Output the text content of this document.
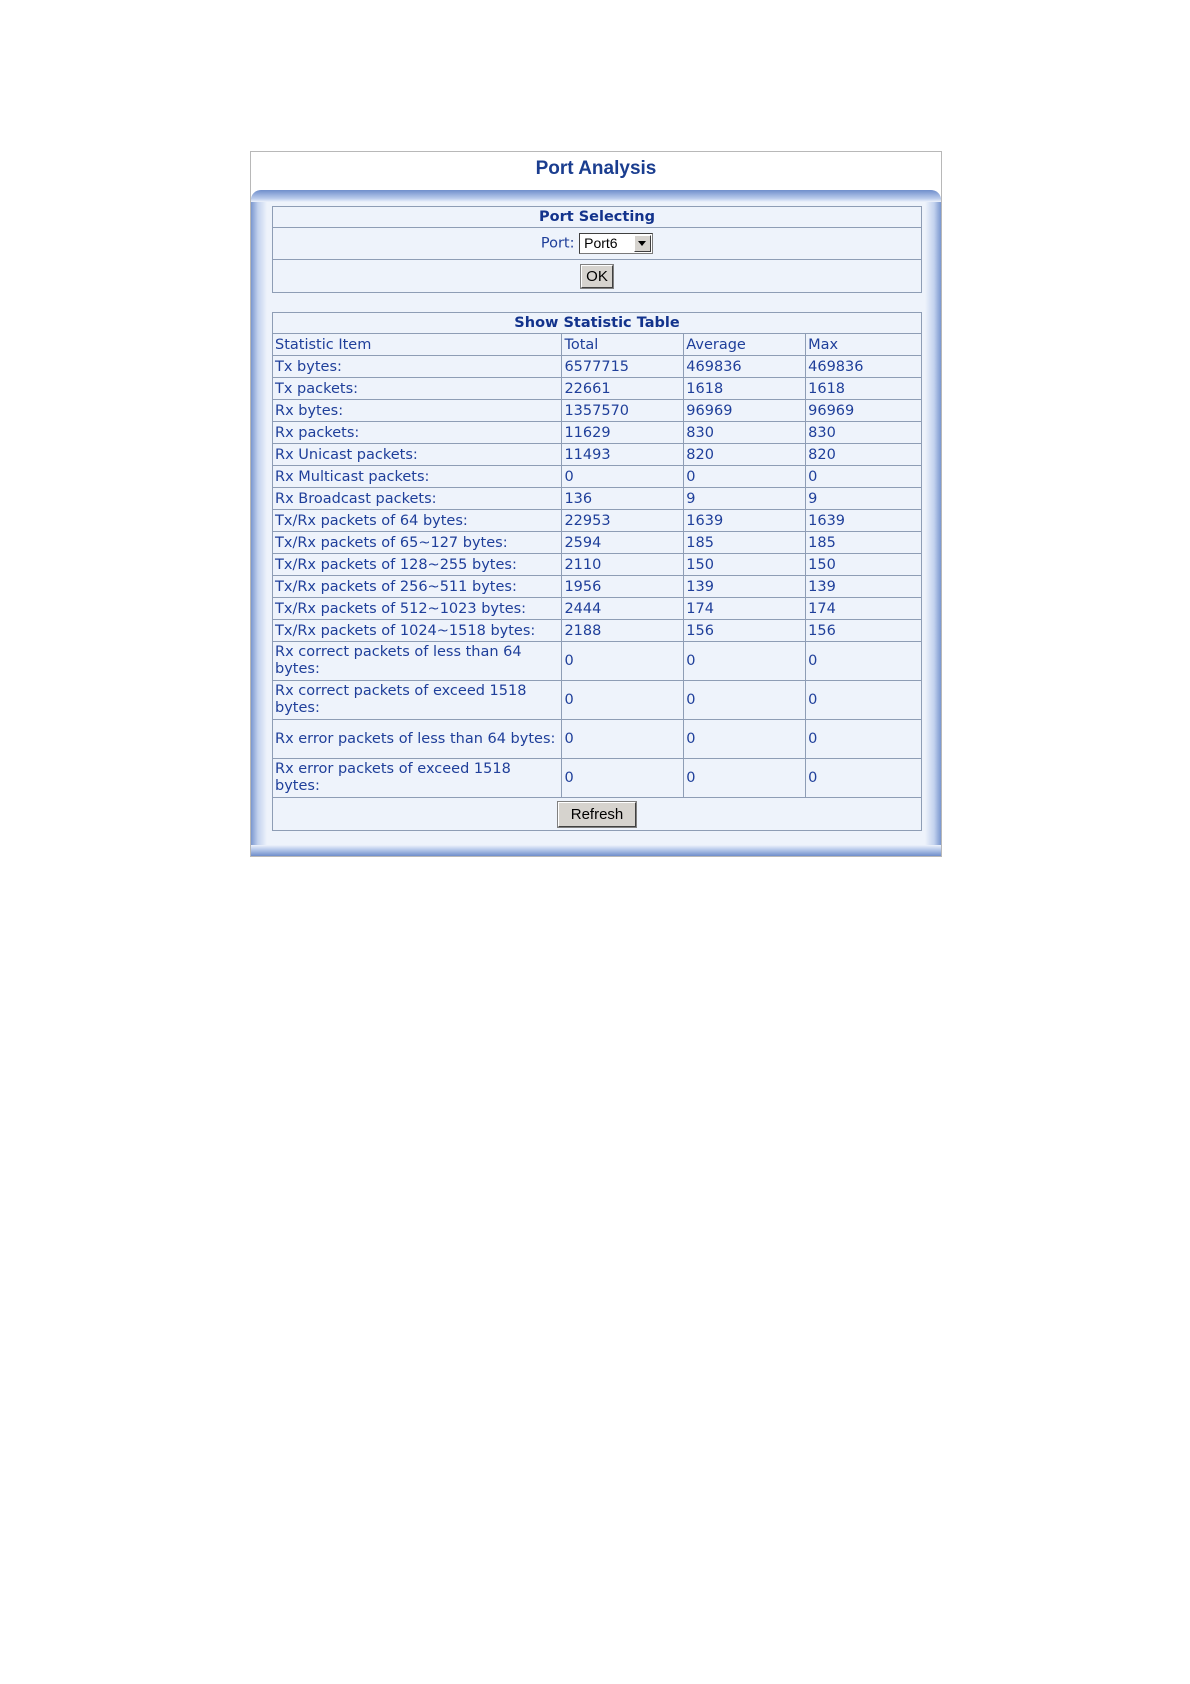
Port Analysis
Port Selecting
Port: Port6

OK
Show Statistic Table			
Statistic Item	Total	Average	Max
Tx bytes:	6577715	469836	469836
Tx packets:	22661	1618	1618
Rx bytes:	1357570	96969	96969
Rx packets:	11629	830	830
Rx Unicast packets:	11493	820	820
Rx Multicast packets:	0	0	0
Rx Broadcast packets:	136	9	9
Tx/Rx packets of 64 bytes:	22953	1639	1639
Tx/Rx packets of 65~127 bytes:	2594	185	185
Tx/Rx packets of 128~255 bytes:	2110	150	150
Tx/Rx packets of 256~511 bytes:	1956	139	139
Tx/Rx packets of 512~1023 bytes:	2444	174	174
Tx/Rx packets of 1024~1518 bytes:	2188	156	156
Rx correct packets of less than 64 bytes:	0	0	0
Rx correct packets of exceed 1518 bytes:	0	0	0
Rx error packets of less than 64 bytes:	0	0	0
Rx error packets of exceed 1518 bytes:	0	0	0
Refresh			
